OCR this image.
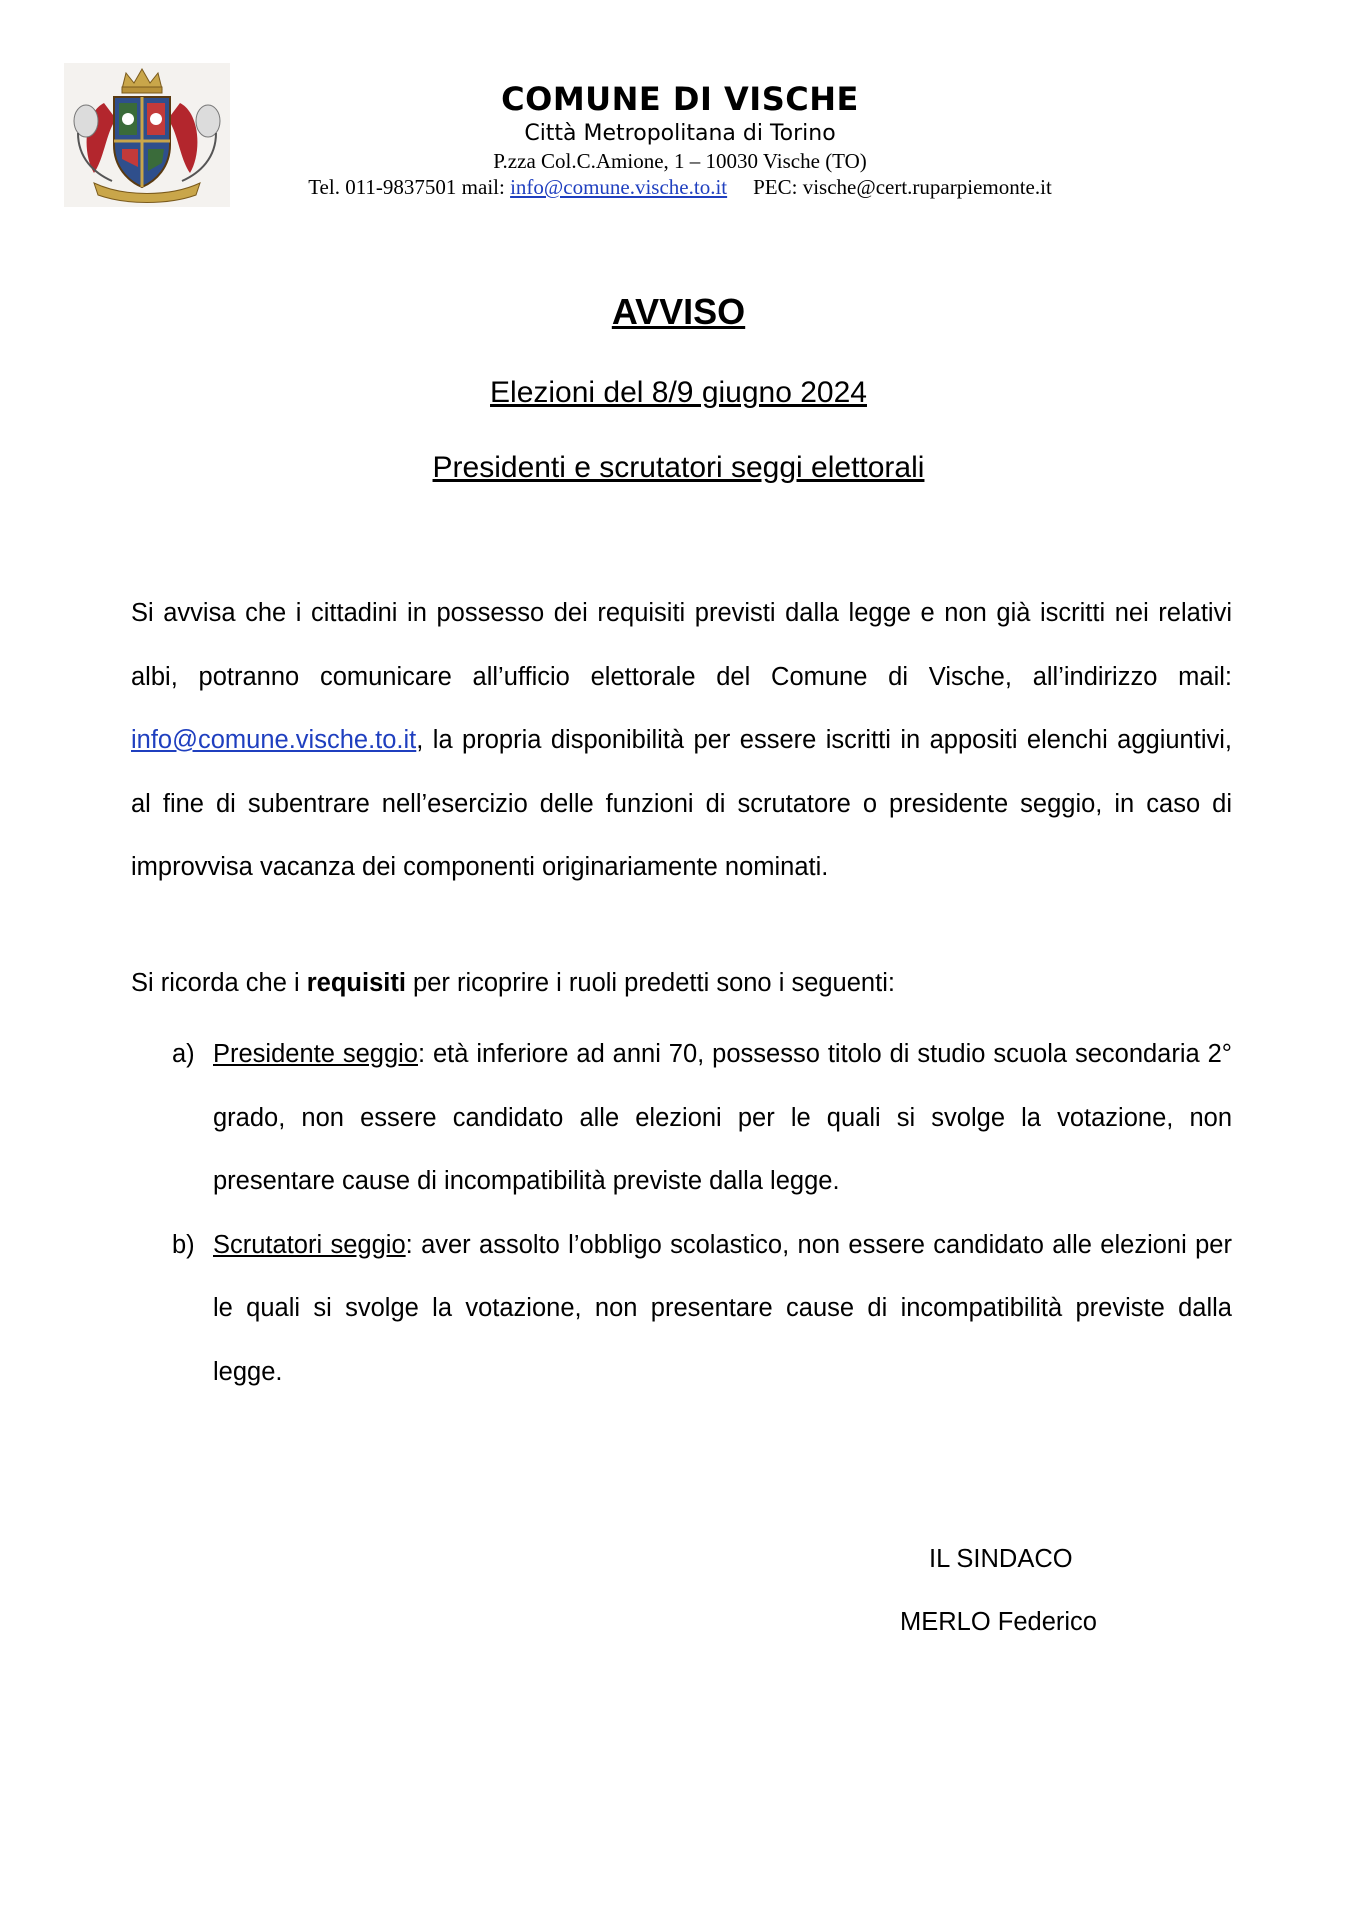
COMUNE DI VISCHE
Città Metropolitana di Torino
P.zza Col.C.Amione, 1 – 10030 Vische (TO)
Tel. 011-9837501 mail: info@comune.vische.to.it PEC: vische@cert.ruparpiemonte.it
AVVISO
Elezioni del 8/9 giugno 2024
Presidenti e scrutatori seggi elettorali
Si avvisa che i cittadini in possesso dei requisiti previsti dalla legge e non già iscritti nei relativi albi, potranno comunicare all’ufficio elettorale del Comune di Vische, all’indirizzo mail: info@comune.vische.to.it, la propria disponibilità per essere iscritti in appositi elenchi aggiuntivi, al fine di subentrare nell’esercizio delle funzioni di scrutatore o presidente seggio, in caso di improvvisa vacanza dei componenti originariamente nominati.
Si ricorda che i requisiti per ricoprire i ruoli predetti sono i seguenti:
a) Presidente seggio: età inferiore ad anni 70, possesso titolo di studio scuola secondaria 2° grado, non essere candidato alle elezioni per le quali si svolge la votazione, non presentare cause di incompatibilità previste dalla legge.
b) Scrutatori seggio: aver assolto l’obbligo scolastico, non essere candidato alle elezioni per le quali si svolge la votazione, non presentare cause di incompatibilità previste dalla legge.
IL SINDACO
MERLO Federico
